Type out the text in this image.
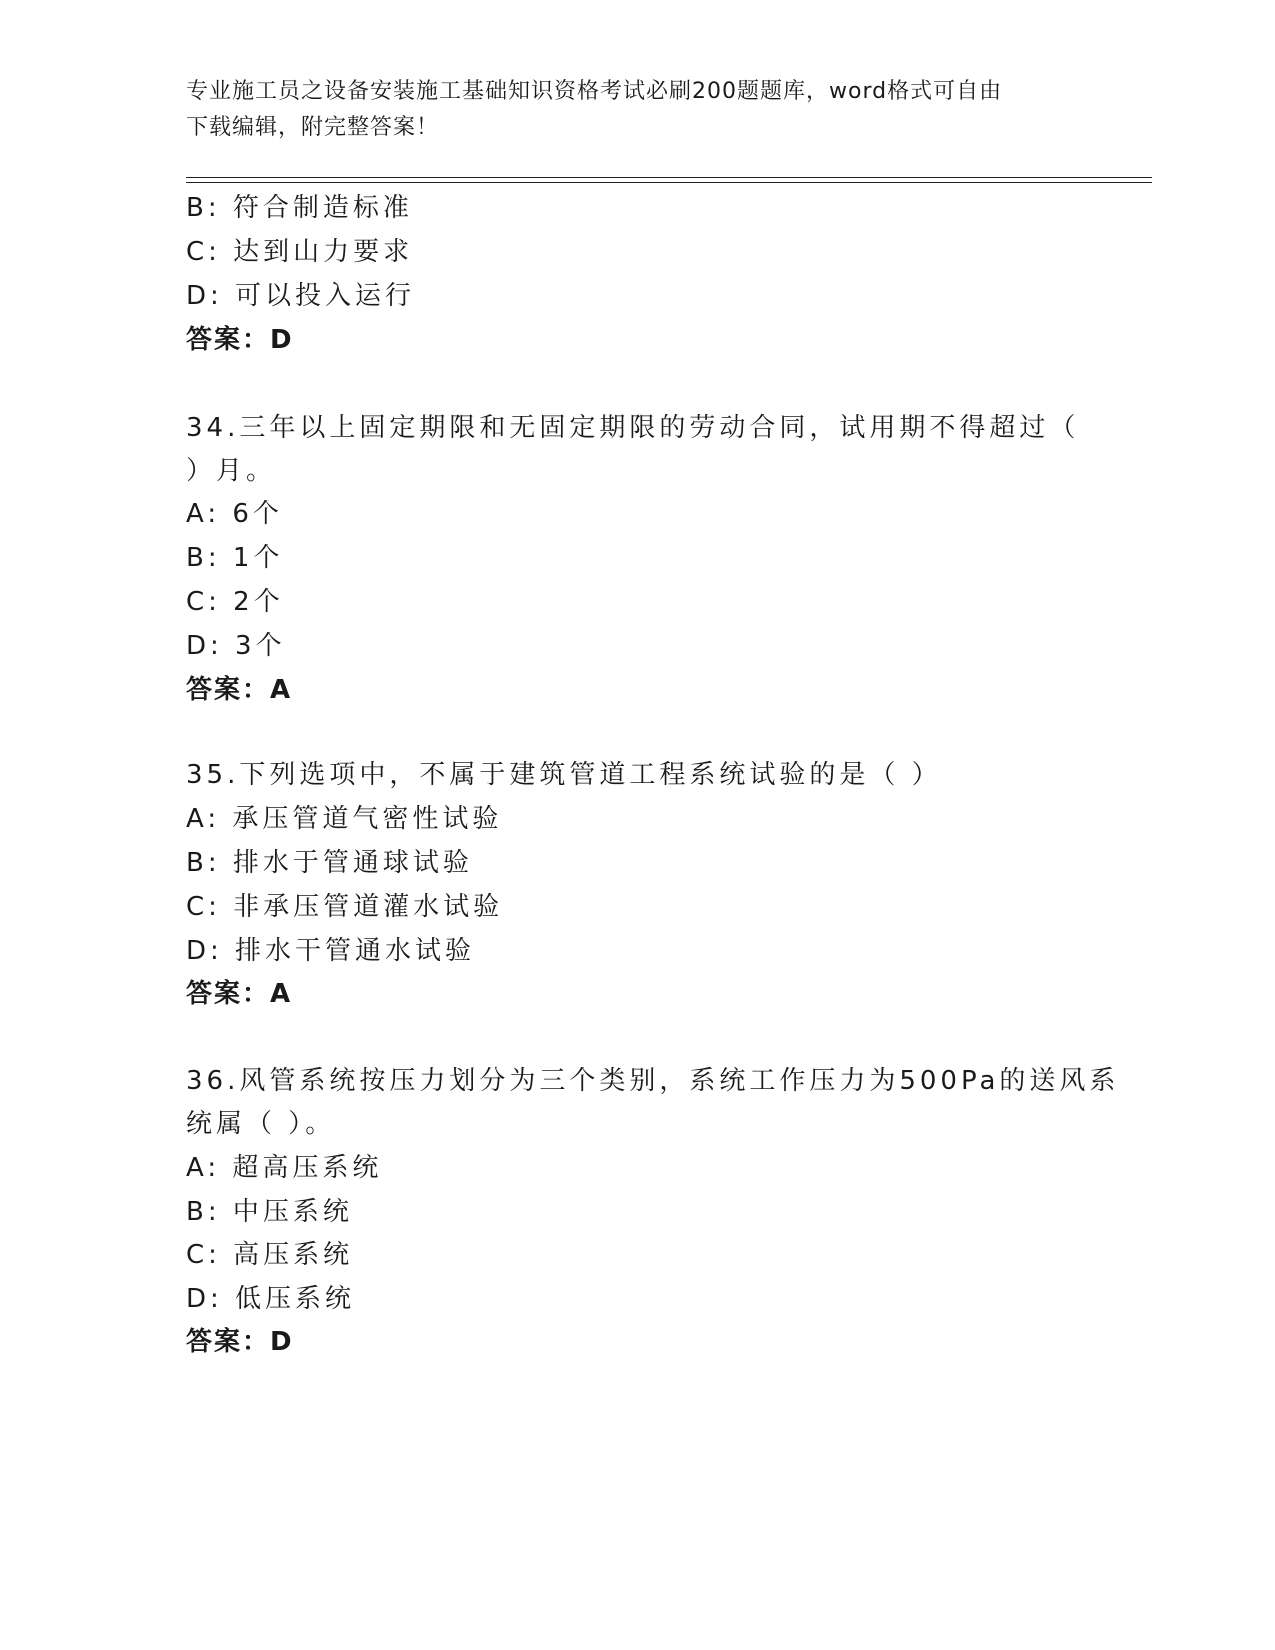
专业施工员之设备安装施工基础知识资格考试必刷200题题库，word格式可自由
下载编辑，附完整答案！
B: 符合制造标准
C: 达到山力要求
D: 可以投入运行
答案：D
34.三年以上固定期限和无固定期限的劳动合同，试用期不得超过（
）月。
A: 6个
B: 1个
C: 2个
D: 3个
答案：A
35.下列选项中，不属于建筑管道工程系统试验的是（ ）
A: 承压管道气密性试验
B: 排水于管通球试验
C: 非承压管道灌水试验
D: 排水干管通水试验
答案：A
36.风管系统按压力划分为三个类别，系统工作压力为500Pa的送风系
统属（ ）。
A: 超高压系统
B: 中压系统
C: 高压系统
D: 低压系统
答案：D
